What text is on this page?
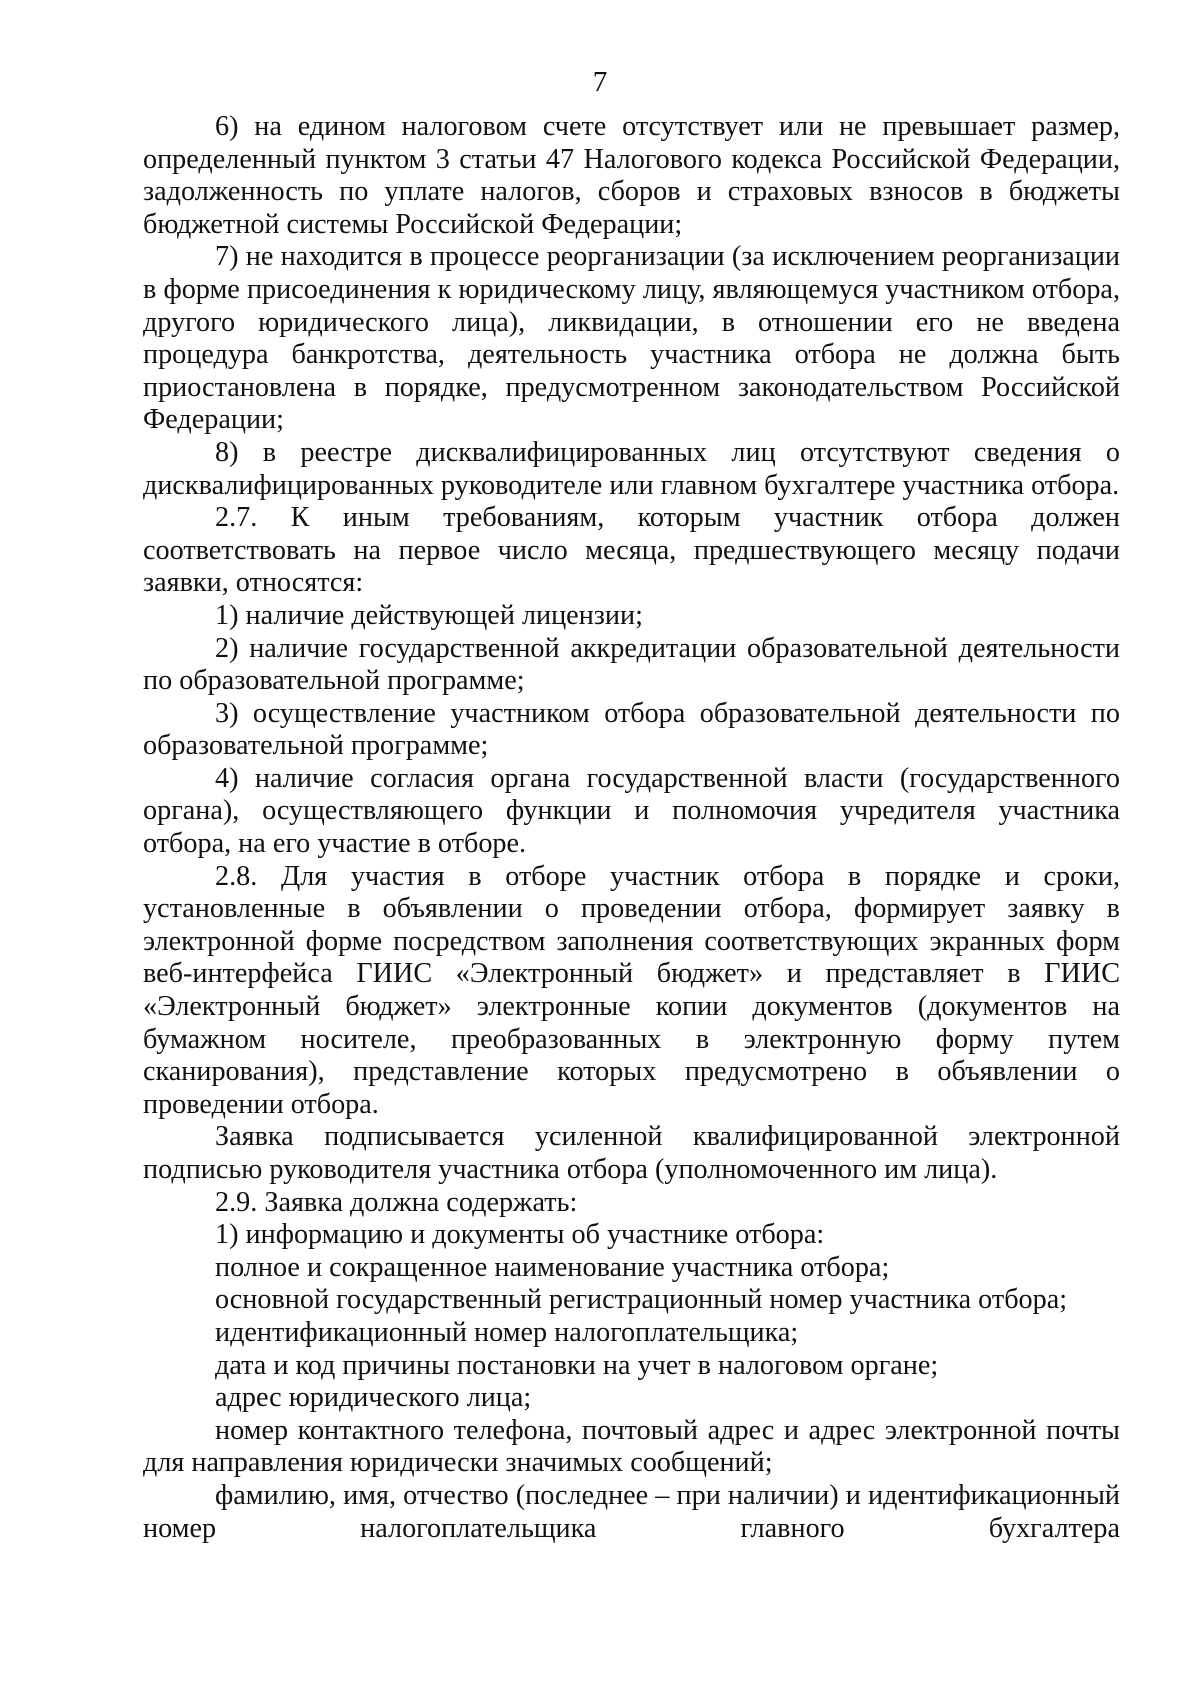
7

6) на едином налоговом счете отсутствует или не превышает размер, определенный пунктом 3 статьи 47 Налогового кодекса Российской Федерации, задолженность по уплате налогов, сборов и страховых взносов в бюджеты бюджетной системы Российской Федерации;

7) не находится в процессе реорганизации (за исключением реорганизации в форме присоединения к юридическому лицу, являющемуся участником отбора, другого юридического лица), ликвидации, в отношении его не введена процедура банкротства, деятельность участника отбора не должна быть приостановлена в порядке, предусмотренном законодательством Российской Федерации;

8) в реестре дисквалифицированных лиц отсутствуют сведения о дисквалифицированных руководителе или главном бухгалтере участника отбора.

2.7. К иным требованиям, которым участник отбора должен соответствовать на первое число месяца, предшествующего месяцу подачи заявки, относятся:

1) наличие действующей лицензии;

2) наличие государственной аккредитации образовательной деятельности по образовательной программе;

3) осуществление участником отбора образовательной деятельности по образовательной программе;

4) наличие согласия органа государственной власти (государственного органа), осуществляющего функции и полномочия учредителя участника отбора, на его участие в отборе.

2.8. Для участия в отборе участник отбора в порядке и сроки, установленные в объявлении о проведении отбора, формирует заявку в электронной форме посредством заполнения соответствующих экранных форм веб-интерфейса ГИИС «Электронный бюджет» и представляет в ГИИС «Электронный бюджет» электронные копии документов (документов на бумажном носителе, преобразованных в электронную форму путем сканирования), представление которых предусмотрено в объявлении о проведении отбора.

Заявка подписывается усиленной квалифицированной электронной подписью руководителя участника отбора (уполномоченного им лица).

2.9. Заявка должна содержать:

1) информацию и документы об участнике отбора:

полное и сокращенное наименование участника отбора;

основной государственный регистрационный номер участника отбора;

идентификационный номер налогоплательщика;

дата и код причины постановки на учет в налоговом органе;

адрес юридического лица;

номер контактного телефона, почтовый адрес и адрес электронной почты для направления юридически значимых сообщений;

фамилию, имя, отчество (последнее – при наличии) и идентификационный номер налогоплательщика главного бухгалтера
